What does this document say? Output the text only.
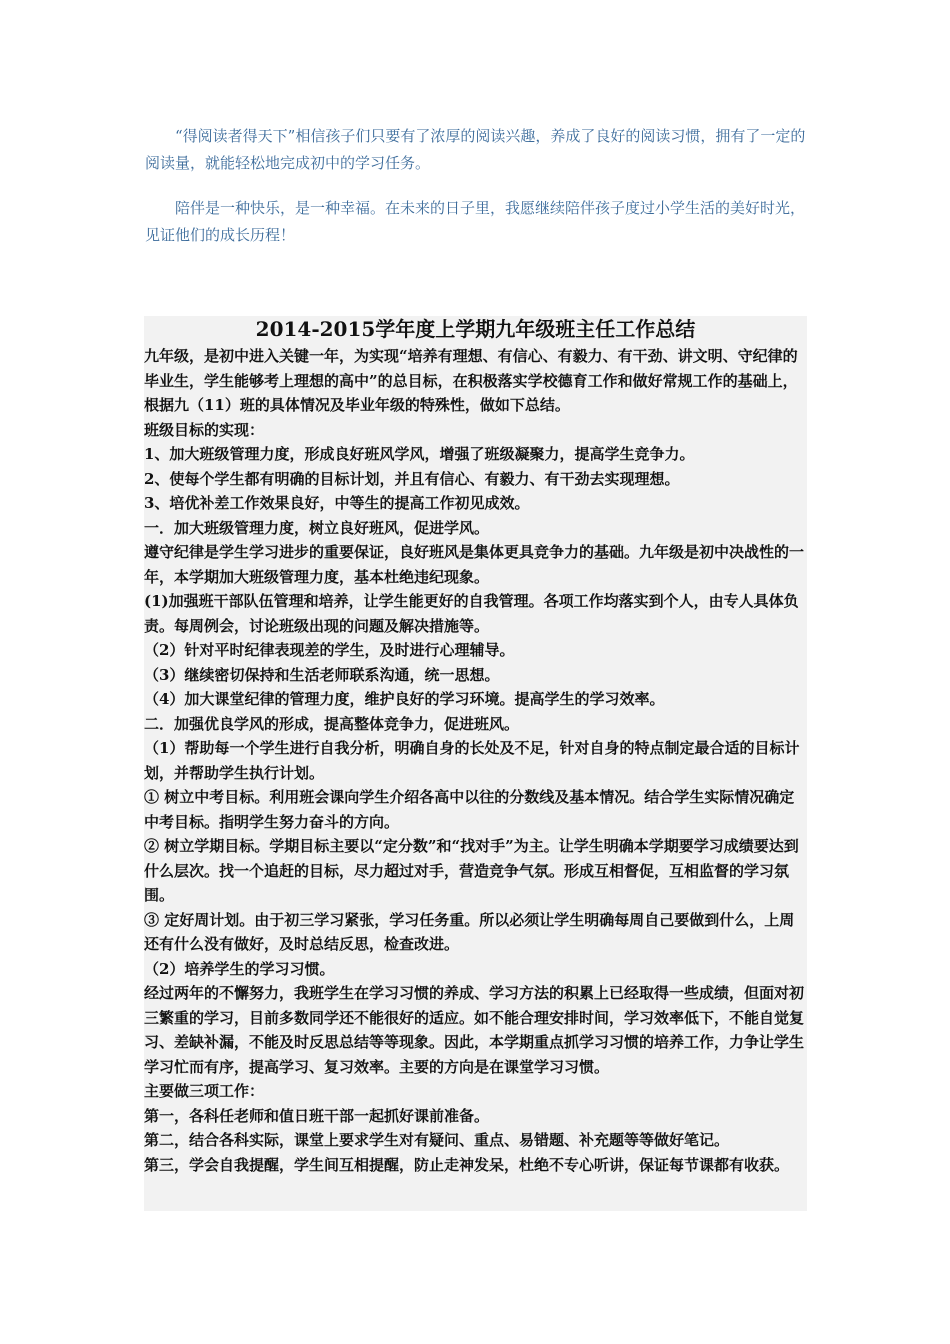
“得阅读者得天下”相信孩子们只要有了浓厚的阅读兴趣，养成了良好的阅读习惯，拥有了一定的阅读量，就能轻松地完成初中的学习任务。

陪伴是一种快乐，是一种幸福。在未来的日子里，我愿继续陪伴孩子度过小学生活的美好时光，见证他们的成长历程！

2014-2015学年度上学期九年级班主任工作总结

九年级，是初中进入关键一年，为实现“培养有理想、有信心、有毅力、有干劲、讲文明、守纪律的毕业生，学生能够考上理想的高中”的总目标，在积极落实学校德育工作和做好常规工作的基础上，根据九（11）班的具体情况及毕业年级的特殊性，做如下总结。

班级目标的实现：

1、加大班级管理力度，形成良好班风学风，增强了班级凝聚力，提高学生竞争力。

2、使每个学生都有明确的目标计划，并且有信心、有毅力、有干劲去实现理想。

3、培优补差工作效果良好，中等生的提高工作初见成效。

一．加大班级管理力度，树立良好班风，促进学风。

遵守纪律是学生学习进步的重要保证，良好班风是集体更具竞争力的基础。九年级是初中决战性的一年，本学期加大班级管理力度，基本杜绝违纪现象。

(1)加强班干部队伍管理和培养，让学生能更好的自我管理。各项工作均落实到个人，由专人具体负责。每周例会，讨论班级出现的问题及解决措施等。

（2）针对平时纪律表现差的学生，及时进行心理辅导。

（3）继续密切保持和生活老师联系沟通，统一思想。

（4）加大课堂纪律的管理力度，维护良好的学习环境。提高学生的学习效率。

二．加强优良学风的形成，提高整体竞争力，促进班风。

（1）帮助每一个学生进行自我分析，明确自身的长处及不足，针对自身的特点制定最合适的目标计划，并帮助学生执行计划。

① 树立中考目标。利用班会课向学生介绍各高中以往的分数线及基本情况。结合学生实际情况确定中考目标。指明学生努力奋斗的方向。

② 树立学期目标。学期目标主要以“定分数”和“找对手”为主。让学生明确本学期要学习成绩要达到什么层次。找一个追赶的目标，尽力超过对手，营造竞争气氛。形成互相督促，互相监督的学习氛围。

③ 定好周计划。由于初三学习紧张，学习任务重。所以必须让学生明确每周自己要做到什么，上周还有什么没有做好，及时总结反思，检查改进。

（2）培养学生的学习习惯。

经过两年的不懈努力，我班学生在学习习惯的养成、学习方法的积累上已经取得一些成绩，但面对初三繁重的学习，目前多数同学还不能很好的适应。如不能合理安排时间，学习效率低下，不能自觉复习、差缺补漏，不能及时反思总结等等现象。因此，本学期重点抓学习习惯的培养工作，力争让学生学习忙而有序，提高学习、复习效率。主要的方向是在课堂学习习惯。

主要做三项工作：

第一，各科任老师和值日班干部一起抓好课前准备。

第二，结合各科实际，课堂上要求学生对有疑问、重点、易错题、补充题等等做好笔记。

第三，学会自我提醒，学生间互相提醒，防止走神发呆，杜绝不专心听讲，保证每节课都有收获。
